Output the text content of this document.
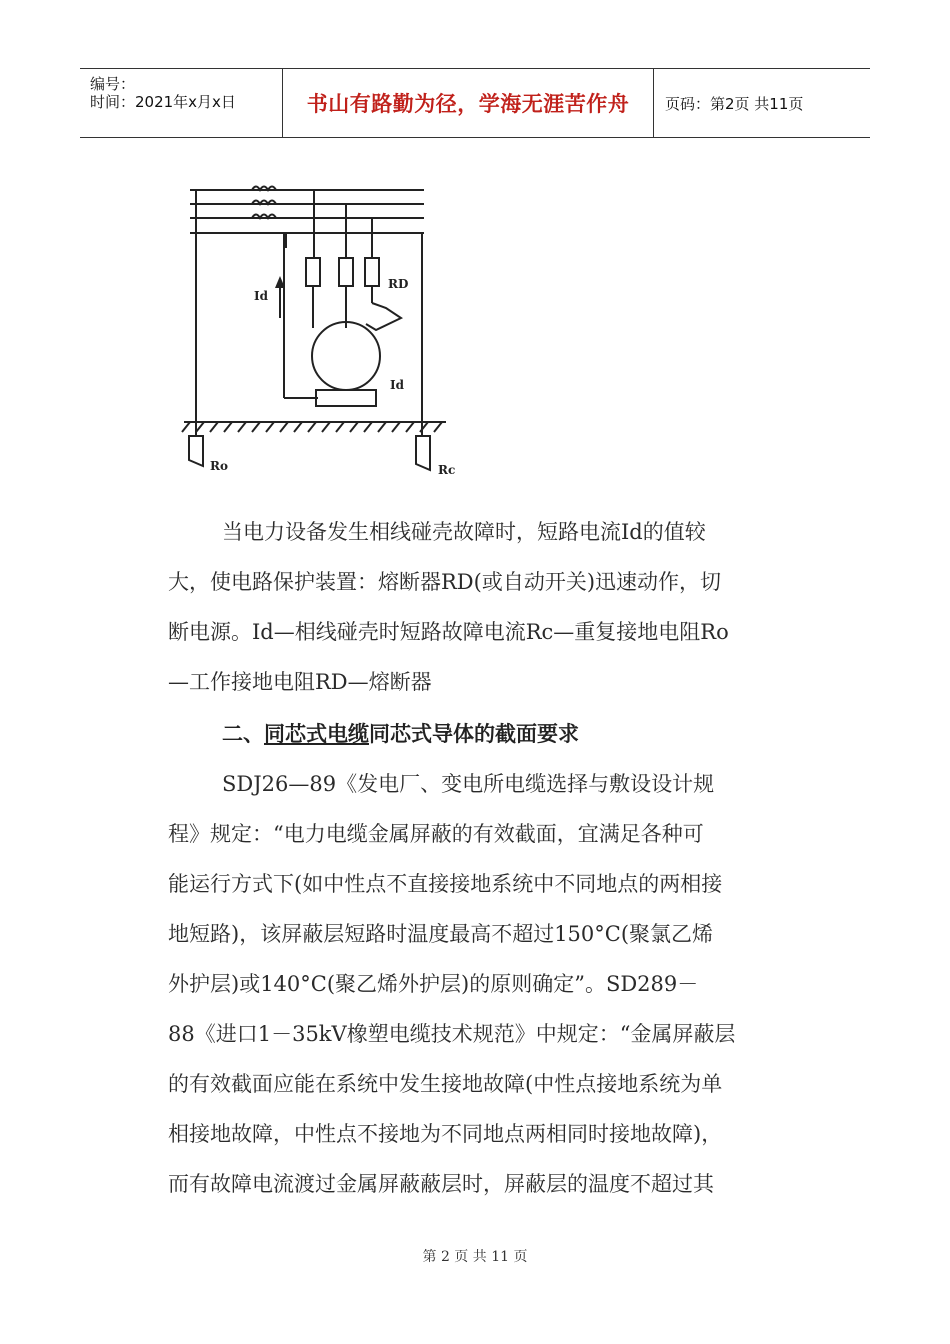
编号：
时间：2021年x月x日	书山有路勤为径，学海无涯苦作舟 页码：第2页 共11页
Id
Id
RD
Ro	Rc
当电力设备发生相线碰壳故障时，短路电流Id的值较
大，使电路保护装置：熔断器RD(或自动开关)迅速动作，切
断电源。Id—相线碰壳时短路故障电流Rc—重复接地电阻Ro
—工作接地电阻RD—熔断器
二、同芯式电缆同芯式导体的截面要求
SDJ26—89《发电厂、变电所电缆选择与敷设设计规
程》规定：“电力电缆金属屏蔽的有效截面，宜满足各种可
能运行方式下(如中性点不直接接地系统中不同地点的两相接
地短路)，该屏蔽层短路时温度最高不超过150°C(聚氯乙烯
外护层)或140°C(聚乙烯外护层)的原则确定”。SD289－
88《进口1－35kV橡塑电缆技术规范》中规定：“金属屏蔽层
的有效截面应能在系统中发生接地故障(中性点接地系统为单
相接地故障，中性点不接地为不同地点两相同时接地故障)，
而有故障电流渡过金属屏蔽蔽层时，屏蔽层的温度不超过其
第 2 页 共 11 页
